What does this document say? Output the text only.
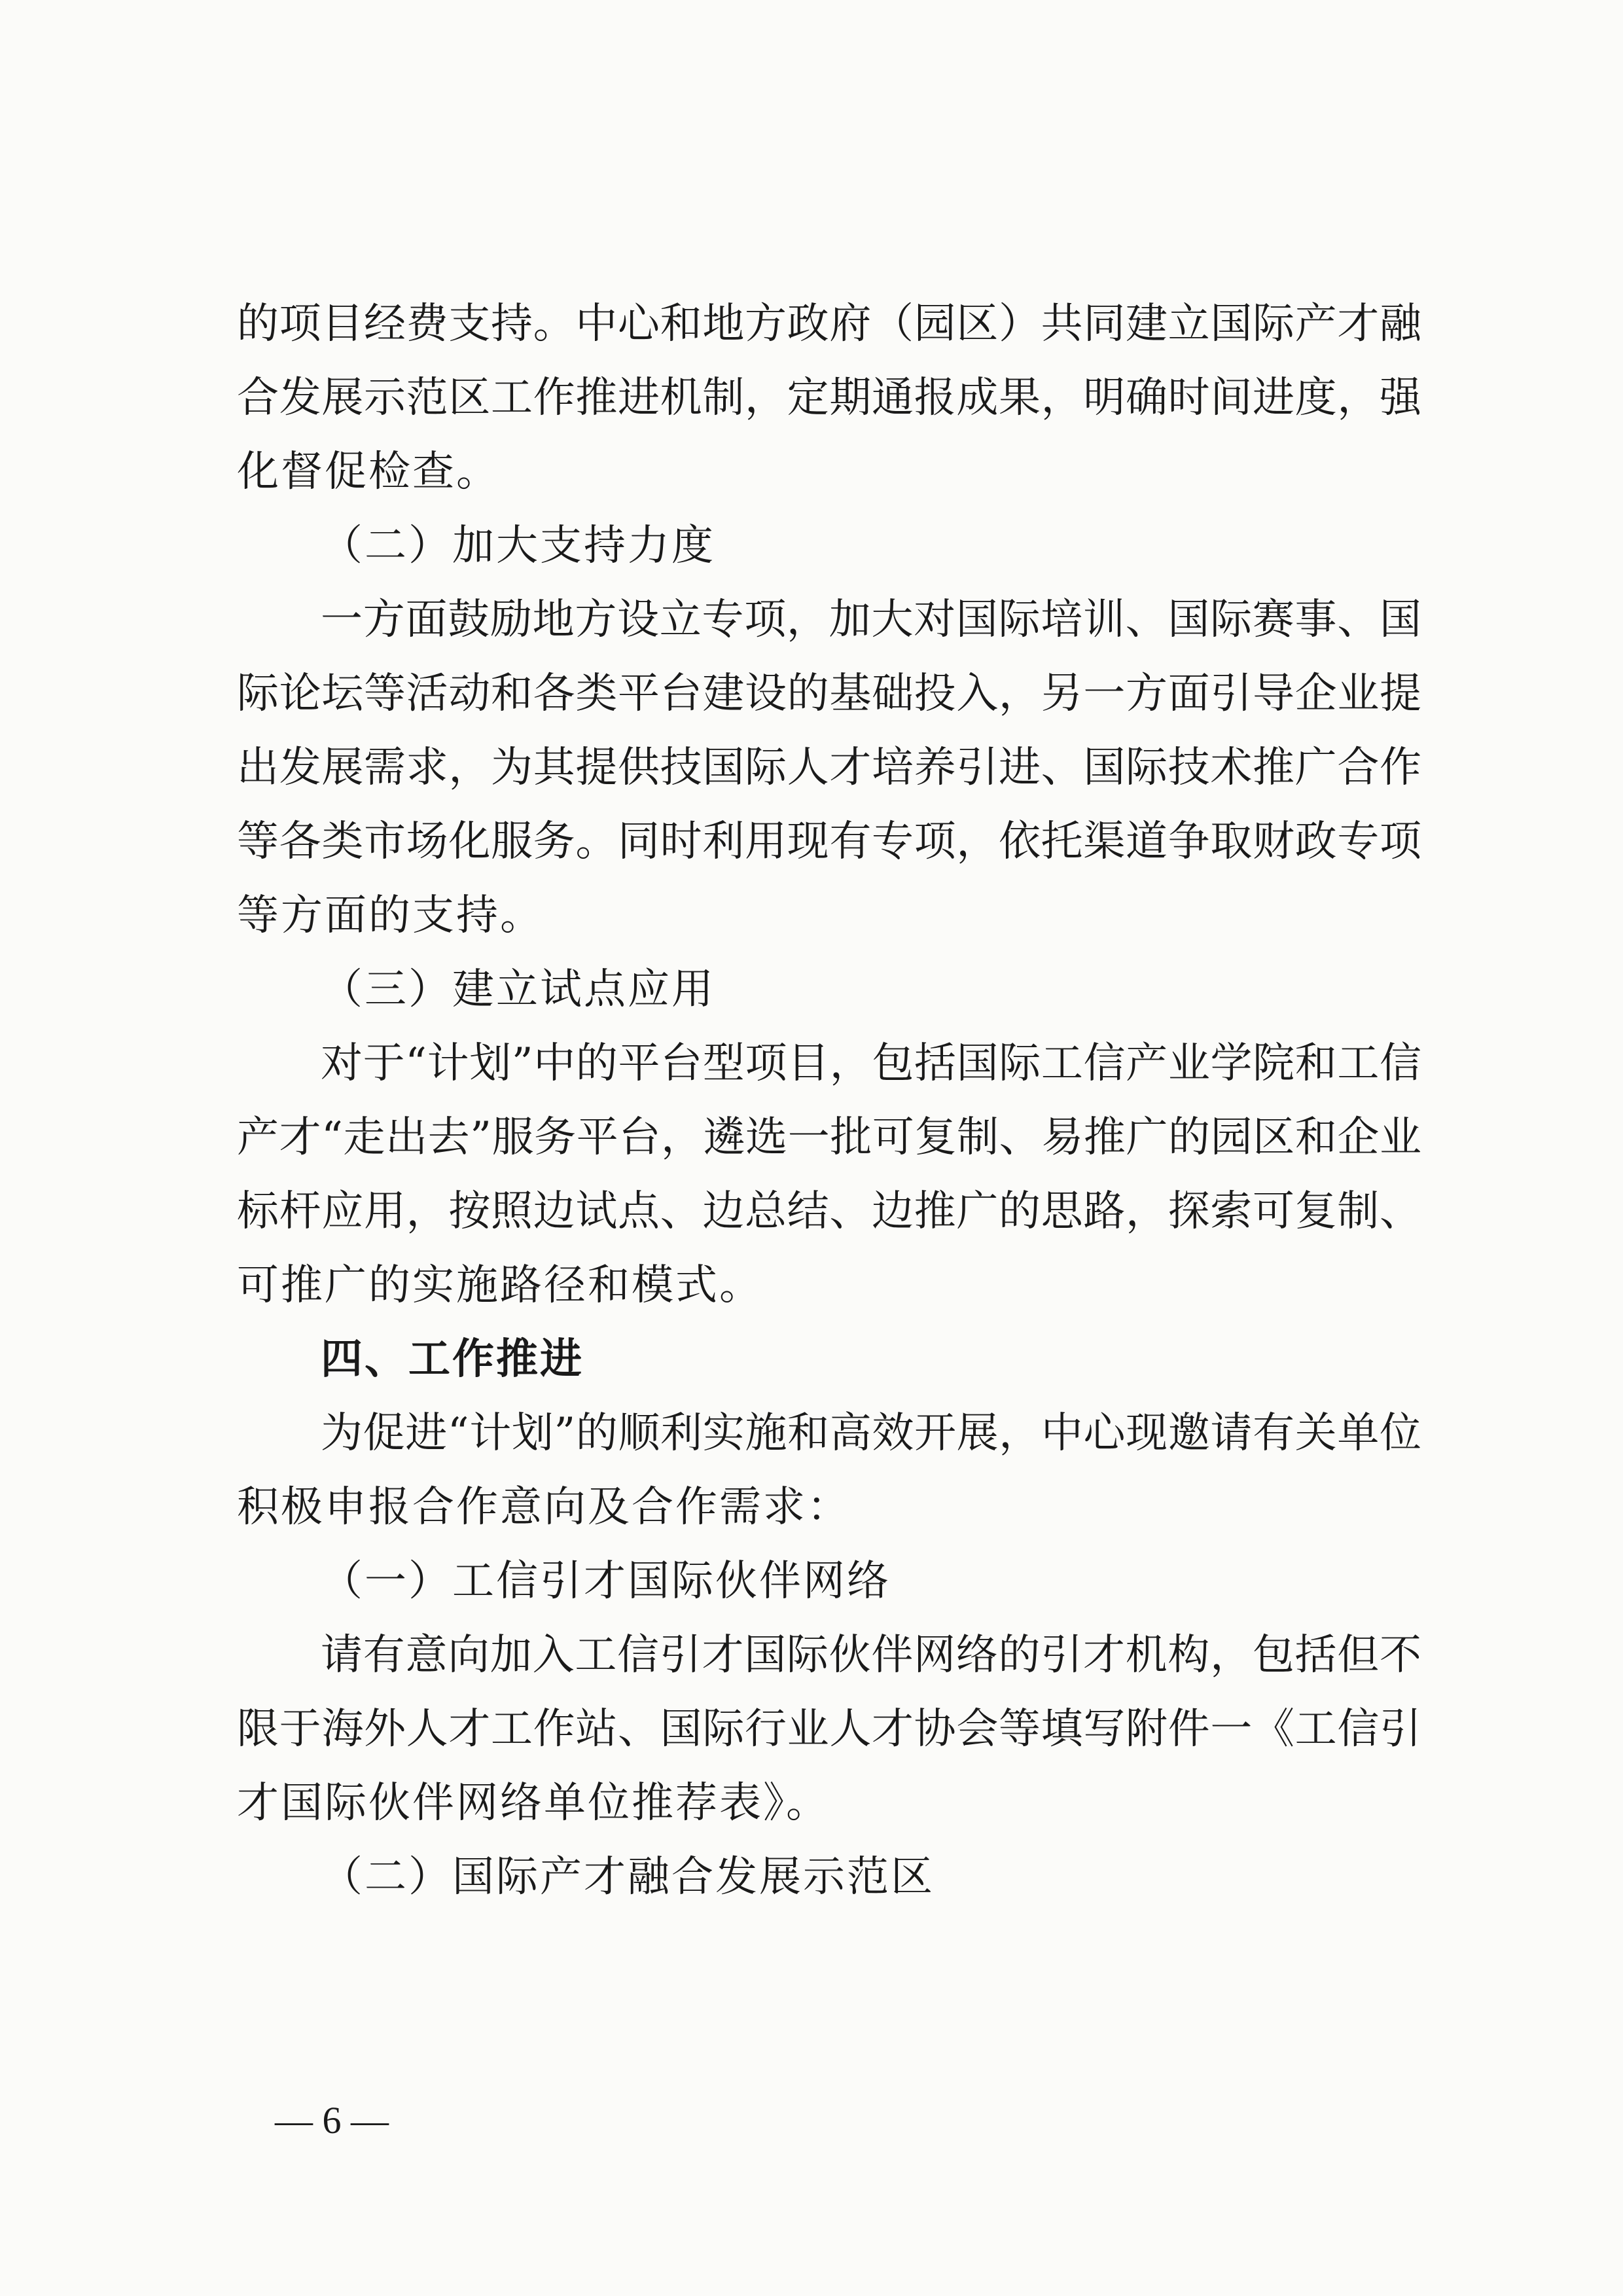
的项目经费支持。中心和地方政府（园区）共同建立国际产才融
合发展示范区工作推进机制，定期通报成果，明确时间进度，强
化督促检查。
（二）加大支持力度
一方面鼓励地方设立专项，加大对国际培训、国际赛事、国
际论坛等活动和各类平台建设的基础投入，另一方面引导企业提
出发展需求，为其提供技国际人才培养引进、国际技术推广合作
等各类市场化服务。同时利用现有专项，依托渠道争取财政专项
等方面的支持。
（三）建立试点应用
对于“计划”中的平台型项目，包括国际工信产业学院和工信
产才“走出去”服务平台，遴选一批可复制、易推广的园区和企业
标杆应用，按照边试点、边总结、边推广的思路，探索可复制、
可推广的实施路径和模式。
四、工作推进
为促进“计划”的顺利实施和高效开展，中心现邀请有关单位
积极申报合作意向及合作需求：
（一）工信引才国际伙伴网络
请有意向加入工信引才国际伙伴网络的引才机构，包括但不
限于海外人才工作站、国际行业人才协会等填写附件一《工信引
才国际伙伴网络单位推荐表》。
（二）国际产才融合发展示范区
— 6 —
